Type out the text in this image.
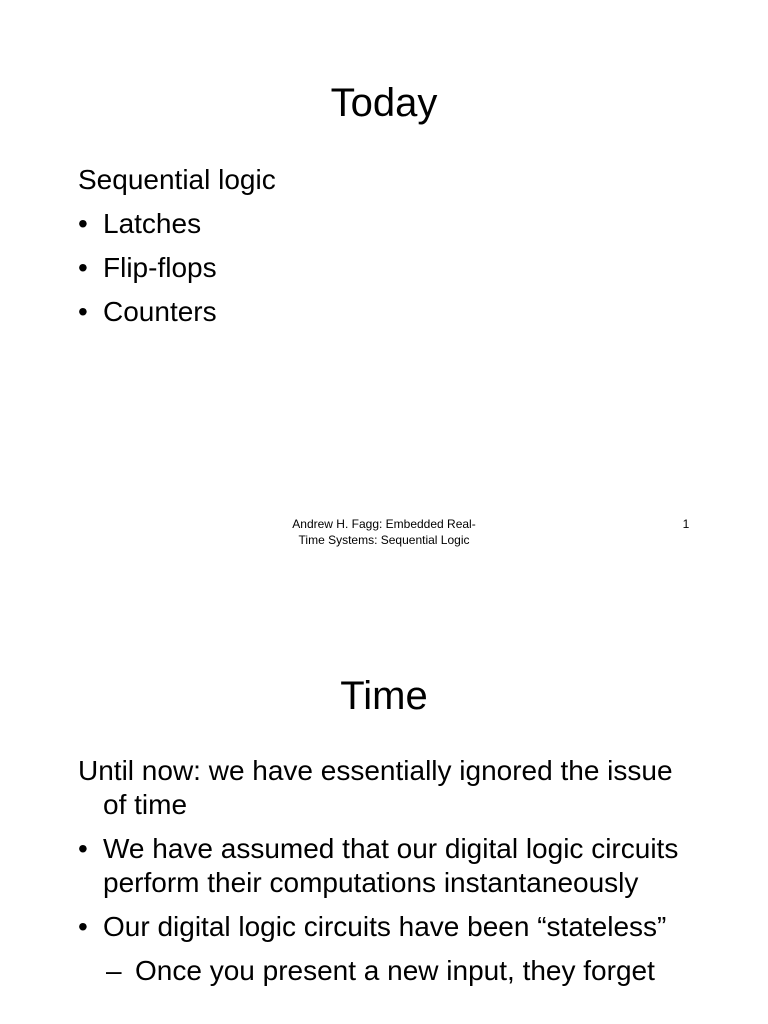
Today

Sequential logic

• Latches
• Flip-flops
• Counters
Andrew H. Fagg: Embedded Real-Time Systems: Sequential Logic
1
Time

Until now: we have essentially ignored the issue of time

• We have assumed that our digital logic circuits perform their computations instantaneously
• Our digital logic circuits have been “stateless”
– Once you present a new input, they forget
